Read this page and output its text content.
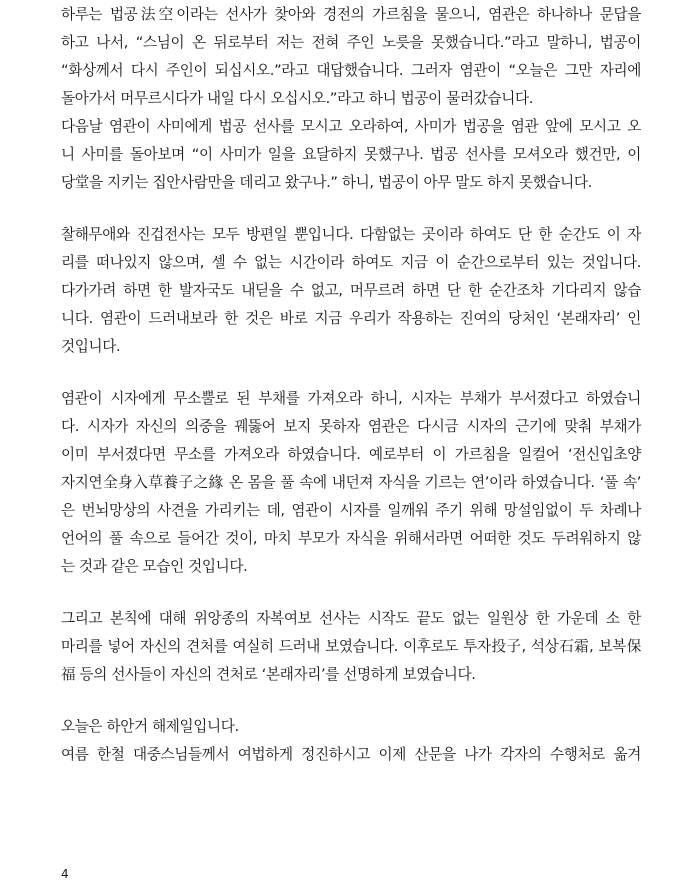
하루는 법공法空이라는 선사가 찾아와 경전의 가르침을 물으니, 염관은 하나하나 문답을
하고 나서, “스님이 온 뒤로부터 저는 전혀 주인 노릇을 못했습니다.”라고 말하니, 법공이
“화상께서 다시 주인이 되십시오.”라고 대답했습니다. 그러자 염관이 “오늘은 그만 자리에
돌아가서 머무르시다가 내일 다시 오십시오.”라고 하니 법공이 물러갔습니다.
다음날 염관이 사미에게 법공 선사를 모시고 오라하여, 사미가 법공을 염관 앞에 모시고 오
니 사미를 돌아보며 “이 사미가 일을 요달하지 못했구나. 법공 선사를 모셔오라 했건만, 이
당堂을 지키는 집안사람만을 데리고 왔구나.” 하니, 법공이 아무 말도 하지 못했습니다.
찰해무애와 진겁전사는 모두 방편일 뿐입니다. 다함없는 곳이라 하여도 단 한 순간도 이 자
리를 떠나있지 않으며, 셀 수 없는 시간이라 하여도 지금 이 순간으로부터 있는 것입니다.
다가가려 하면 한 발자국도 내딛을 수 없고, 머무르려 하면 단 한 순간조차 기다리지 않습
니다. 염관이 드러내보라 한 것은 바로 지금 우리가 작용하는 진여의 당처인 ‘본래자리’ 인
것입니다.
염관이 시자에게 무소뿔로 된 부채를 가져오라 하니, 시자는 부채가 부서졌다고 하였습니
다. 시자가 자신의 의중을 꿰뚫어 보지 못하자 염관은 다시금 시자의 근기에 맞춰 부채가
이미 부서졌다면 무소를 가져오라 하였습니다. 예로부터 이 가르침을 일컬어 ‘전신입초양
자지연全身入草養子之緣 온 몸을 풀 속에 내던져 자식을 기르는 연’이라 하였습니다. ‘풀 속’
은 번뇌망상의 사견을 가리키는 데, 염관이 시자를 일깨워 주기 위해 망설임없이 두 차례나
언어의 풀 속으로 들어간 것이, 마치 부모가 자식을 위해서라면 어떠한 것도 두려워하지 않
는 것과 같은 모습인 것입니다.
그리고 본칙에 대해 위앙종의 자복여보 선사는 시작도 끝도 없는 일원상 한 가운데 소 한
마리를 넣어 자신의 견처를 여실히 드러내 보였습니다. 이후로도 투자投子, 석상石霜, 보복保
福 등의 선사들이 자신의 견처로 ‘본래자리’를 선명하게 보였습니다.
오늘은 하안거 해제일입니다.
여름 한철 대중스님들께서 여법하게 정진하시고 이제 산문을 나가 각자의 수행처로 옮겨
4
